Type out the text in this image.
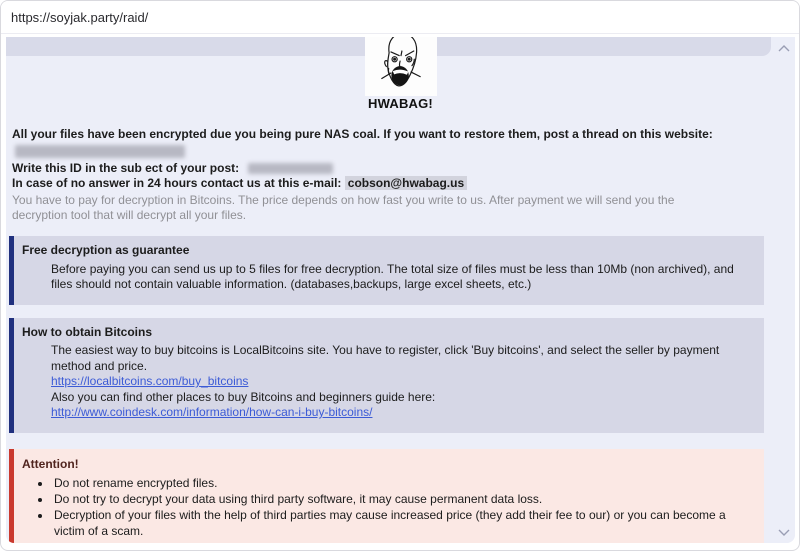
https://soyjak.party/raid/
HWABAG!
All your files have been encrypted due you being pure NAS coal. If you want to restore them, post a thread on this website:
Write this ID in the sub ect of your post:
In case of no answer in 24 hours contact us at this e-mail: cobson@hwabag.us
You have to pay for decryption in Bitcoins. The price depends on how fast you write to us. After payment we will send you the decryption tool that will decrypt all your files.
Free decryption as guarantee
Before paying you can send us up to 5 files for free decryption. The total size of files must be less than 10Mb (non archived), and files should not contain valuable information. (databases,backups, large excel sheets, etc.)
How to obtain Bitcoins
The easiest way to buy bitcoins is LocalBitcoins site. You have to register, click 'Buy bitcoins', and select the seller by payment method and price.
https://localbitcoins.com/buy_bitcoins
Also you can find other places to buy Bitcoins and beginners guide here:
http://www.coindesk.com/information/how-can-i-buy-bitcoins/
Attention!
• Do not rename encrypted files.
• Do not try to decrypt your data using third party software, it may cause permanent data loss.
• Decryption of your files with the help of third parties may cause increased price (they add their fee to our) or you can become a victim of a scam.
